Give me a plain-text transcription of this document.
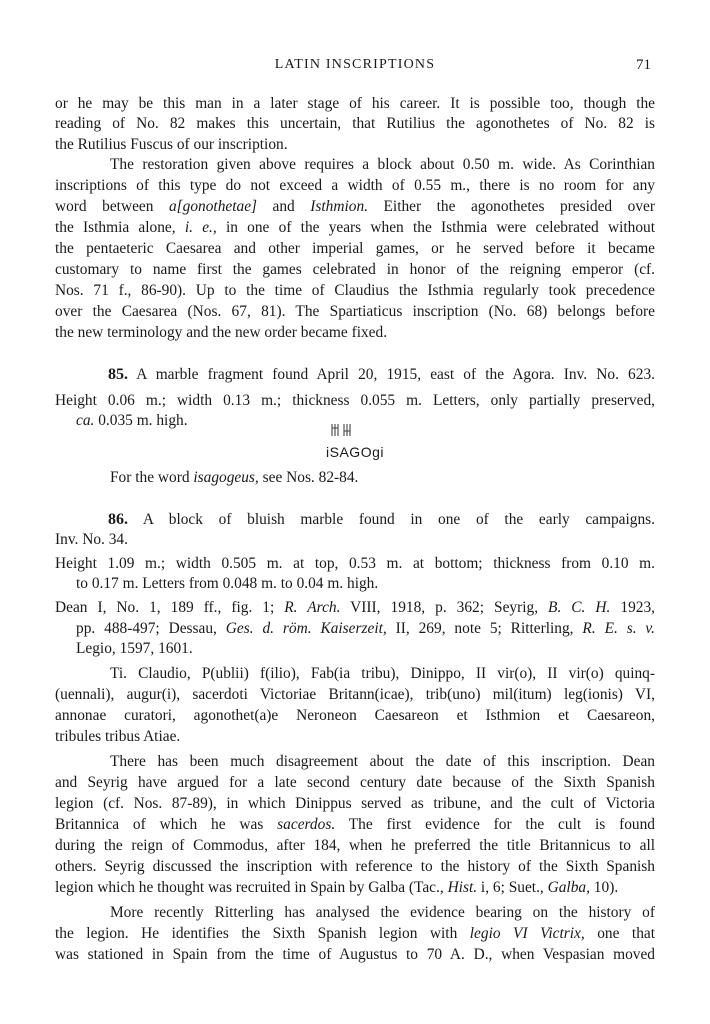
LATIN INSCRIPTIONS	71
or he may be this man in a later stage of his career. It is possible too, though the
reading of No. 82 makes this uncertain, that Rutilius the agonothetes of No. 82 is
the Rutilius Fuscus of our inscription.
The restoration given above requires a block about 0.50 m. wide. As Corinthian
inscriptions of this type do not exceed a width of 0.55 m., there is no room for any
word between a[gonothetae] and Isthmion. Either the agonothetes presided over
the Isthmia alone, i. e., in one of the years when the Isthmia were celebrated without
the pentaeteric Caesarea and other imperial games, or he served before it became
customary to name first the games celebrated in honor of the reigning emperor (cf.
Nos. 71 f., 86-90). Up to the time of Claudius the Isthmia regularly took precedence
over the Caesarea (Nos. 67, 81). The Spartiaticus inscription (No. 68) belongs before
the new terminology and the new order became fixed.
85. A marble fragment found April 20, 1915, east of the Agora. Inv. No. 623.
Height 0.06 m.; width 0.13 m.; thickness 0.055 m. Letters, only partially preserved,
ca. 0.035 m. high.
iSAGOgi
For the word isagogeus, see Nos. 82-84.
86. A block of bluish marble found in one of the early campaigns.
Inv. No. 34.
Height 1.09 m.; width 0.505 m. at top, 0.53 m. at bottom; thickness from 0.10 m.
to 0.17 m. Letters from 0.048 m. to 0.04 m. high.
Dean I, No. 1, 189 ff., fig. 1; R. Arch. VIII, 1918, p. 362; Seyrig, B. C. H. 1923,
pp. 488-497; Dessau, Ges. d. röm. Kaiserzeit, II, 269, note 5; Ritterling, R. E. s. v.
Legio, 1597, 1601.
Ti. Claudio, P(ublii) f(ilio), Fab(ia tribu), Dinippo, II vir(o), II vir(o) quinq-
(uennali), augur(i), sacerdoti Victoriae Britann(icae), trib(uno) mil(itum) leg(ionis) VI,
annonae curatori, agonothet(a)e Neroneon Caesareon et Isthmion et Caesareon,
tribules tribus Atiae.
There has been much disagreement about the date of this inscription. Dean
and Seyrig have argued for a late second century date because of the Sixth Spanish
legion (cf. Nos. 87-89), in which Dinippus served as tribune, and the cult of Victoria
Britannica of which he was sacerdos. The first evidence for the cult is found
during the reign of Commodus, after 184, when he preferred the title Britannicus to all
others. Seyrig discussed the inscription with reference to the history of the Sixth Spanish
legion which he thought was recruited in Spain by Galba (Tac., Hist. i, 6; Suet., Galba, 10).
More recently Ritterling has analysed the evidence bearing on the history of
the legion. He identifies the Sixth Spanish legion with legio VI Victrix, one that
was stationed in Spain from the time of Augustus to 70 A. D., when Vespasian moved
